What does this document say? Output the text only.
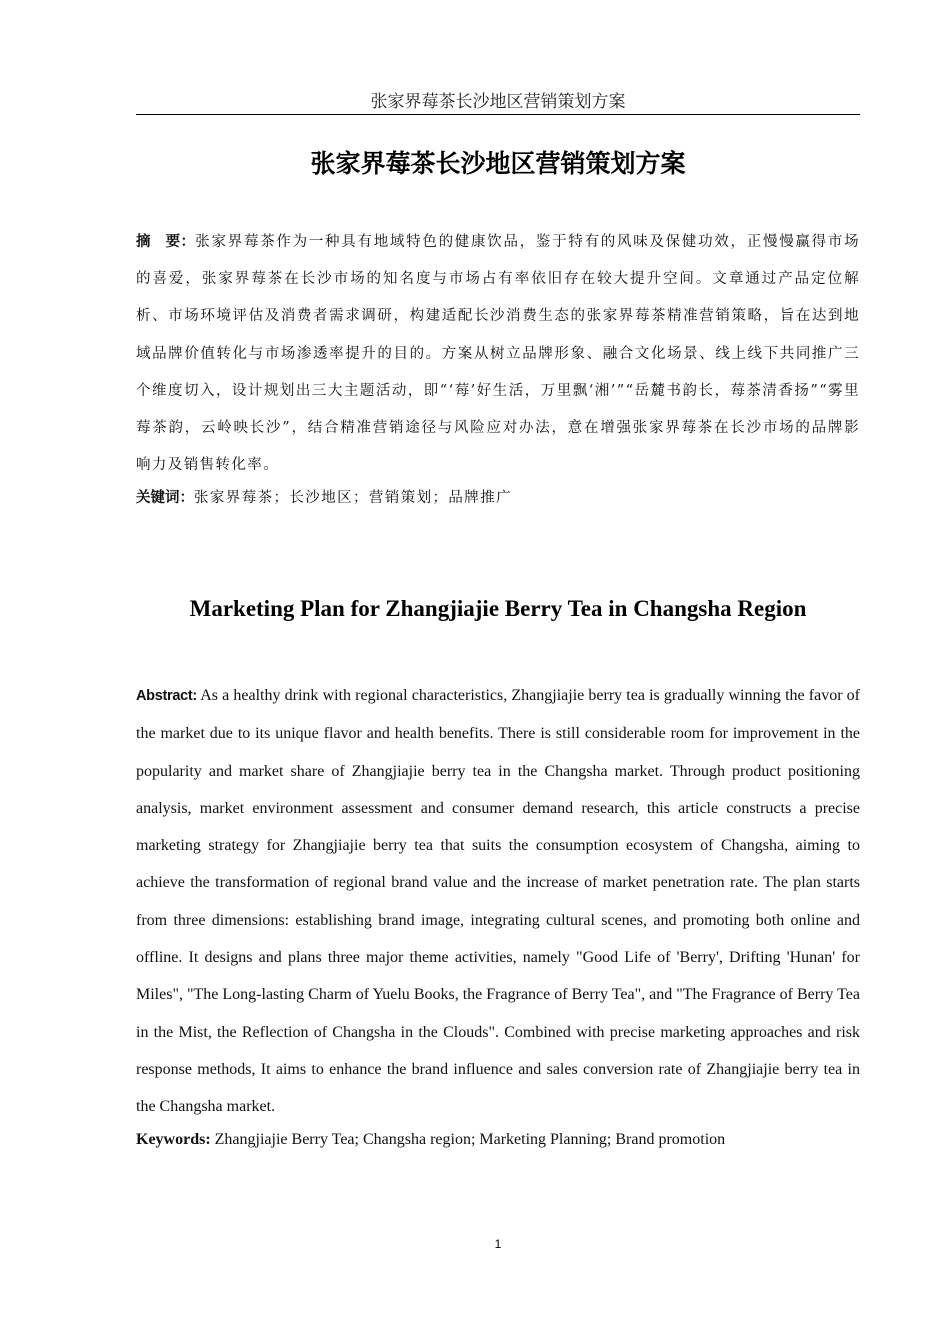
张家界莓茶长沙地区营销策划方案
张家界莓茶长沙地区营销策划方案
摘　要：张家界莓茶作为一种具有地域特色的健康饮品，鉴于特有的风味及保健功效，正慢慢赢得市场的喜爱，张家界莓茶在长沙市场的知名度与市场占有率依旧存在较大提升空间。文章通过产品定位解析、市场环境评估及消费者需求调研，构建适配长沙消费生态的张家界莓茶精准营销策略，旨在达到地域品牌价值转化与市场渗透率提升的目的。方案从树立品牌形象、融合文化场景、线上线下共同推广三个维度切入，设计规划出三大主题活动，即“‘莓’好生活，万里飘‘湘’”“岳麓书韵长，莓茶清香扬”“雾里莓茶韵，云岭映长沙”，结合精准营销途径与风险应对办法，意在增强张家界莓茶在长沙市场的品牌影响力及销售转化率。
关键词：张家界莓茶；长沙地区；营销策划；品牌推广
Marketing Plan for Zhangjiajie Berry Tea in Changsha Region
Abstract: As a healthy drink with regional characteristics, Zhangjiajie berry tea is gradually winning the favor of the market due to its unique flavor and health benefits. There is still considerable room for improvement in the popularity and market share of Zhangjiajie berry tea in the Changsha market. Through product positioning analysis, market environment assessment and consumer demand research, this article constructs a precise marketing strategy for Zhangjiajie berry tea that suits the consumption ecosystem of Changsha, aiming to achieve the transformation of regional brand value and the increase of market penetration rate. The plan starts from three dimensions: establishing brand image, integrating cultural scenes, and promoting both online and offline. It designs and plans three major theme activities, namely "Good Life of 'Berry', Drifting 'Hunan' for Miles", "The Long-lasting Charm of Yuelu Books, the Fragrance of Berry Tea", and "The Fragrance of Berry Tea in the Mist, the Reflection of Changsha in the Clouds". Combined with precise marketing approaches and risk response methods, It aims to enhance the brand influence and sales conversion rate of Zhangjiajie berry tea in the Changsha market.
Keywords: Zhangjiajie Berry Tea; Changsha region; Marketing Planning; Brand promotion
1
